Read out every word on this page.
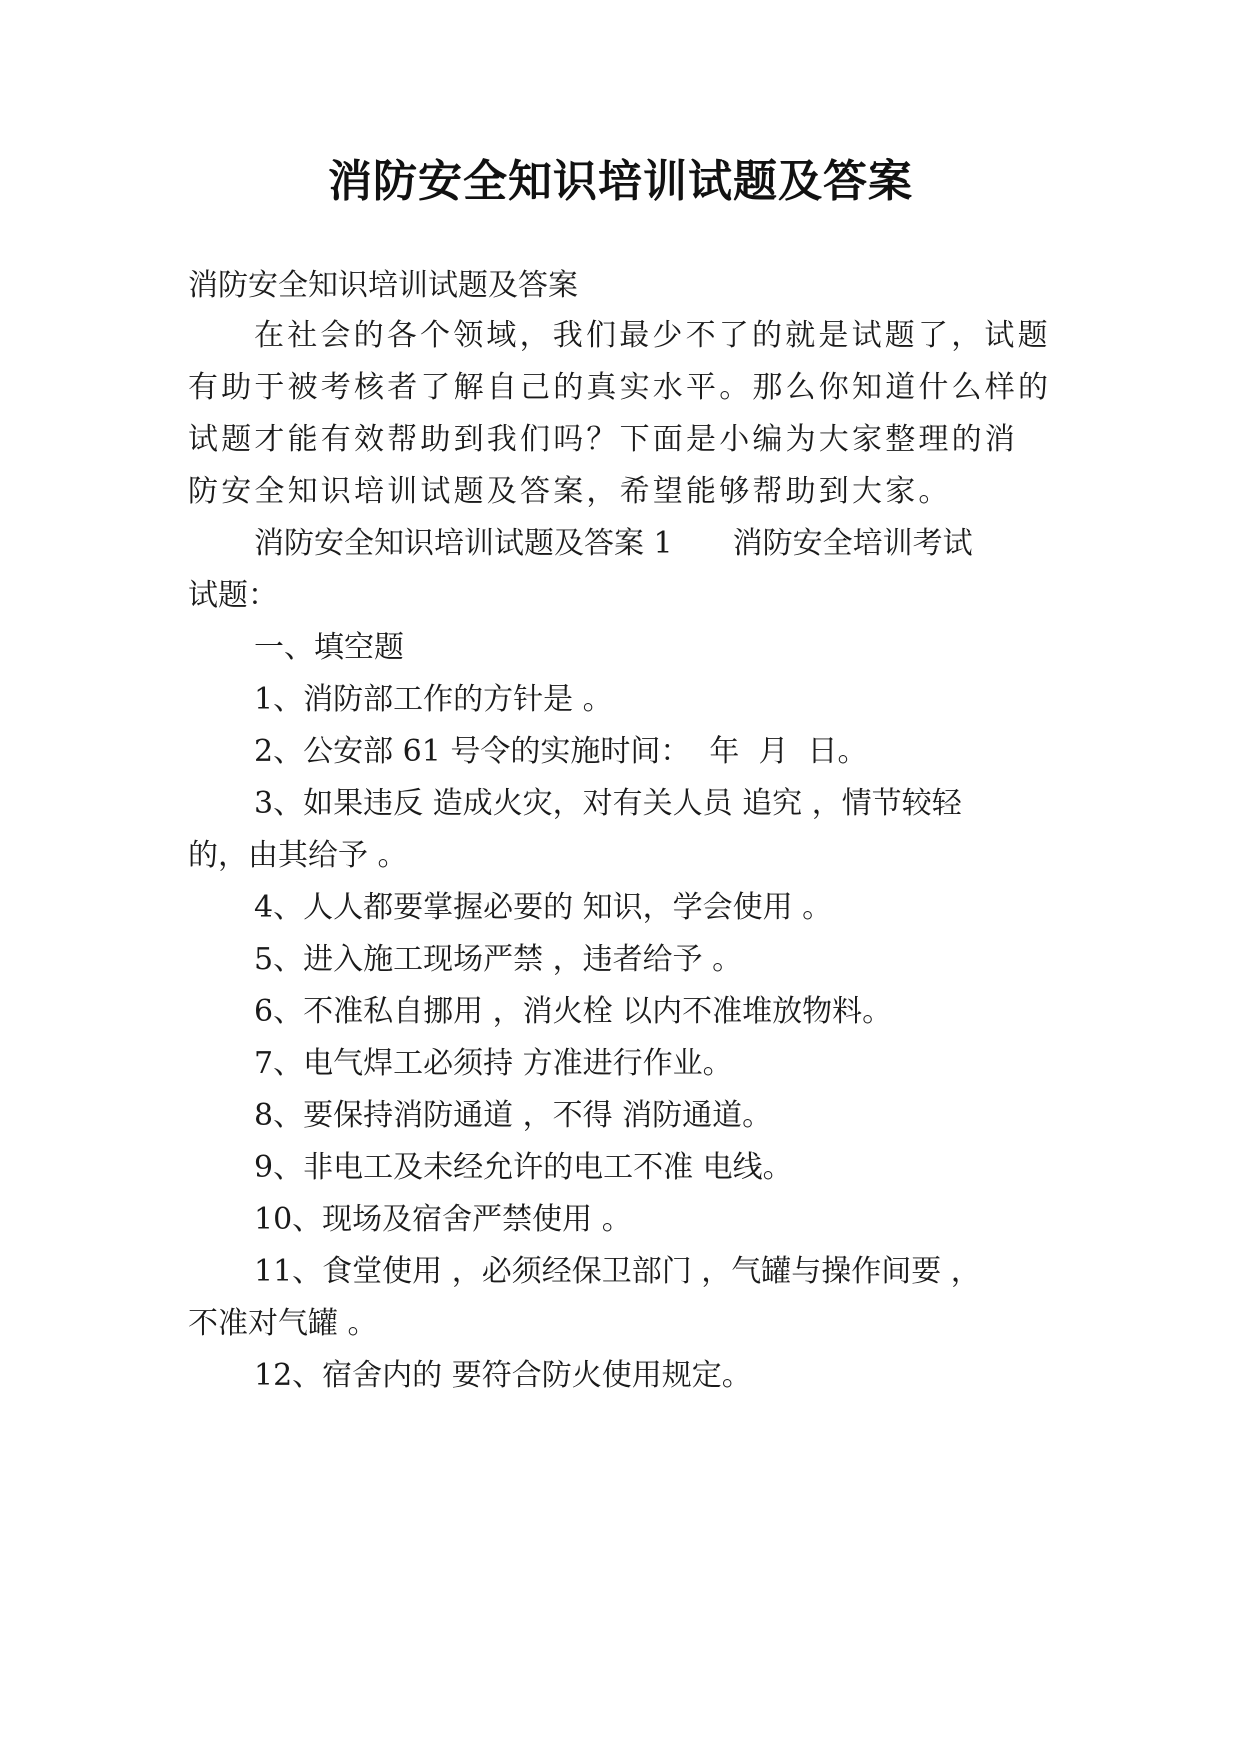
消防安全知识培训试题及答案

消防安全知识培训试题及答案

在社会的各个领域，我们最少不了的就是试题了，试题

有助于被考核者了解自己的真实水平。那么你知道什么样的

试题才能有效帮助到我们吗？下面是小编为大家整理的消

防安全知识培训试题及答案，希望能够帮助到大家。

消防安全知识培训试题及答案 1　　消防安全培训考试

试题：

一、填空题

1、消防部工作的方针是 。

2、公安部 61 号令的实施时间：  年  月  日。

3、如果违反 造成火灾，对有关人员 追究 ，情节较轻

的，由其给予 。

4、人人都要掌握必要的 知识，学会使用 。

5、进入施工现场严禁 ，违者给予 。

6、不准私自挪用 ，消火栓 以内不准堆放物料。

7、电气焊工必须持 方准进行作业。

8、要保持消防通道 ，不得 消防通道。

9、非电工及未经允许的电工不准 电线。

10、现场及宿舍严禁使用 。

11、食堂使用 ，必须经保卫部门 ，气罐与操作间要 ，

不准对气罐 。

12、宿舍内的 要符合防火使用规定。
